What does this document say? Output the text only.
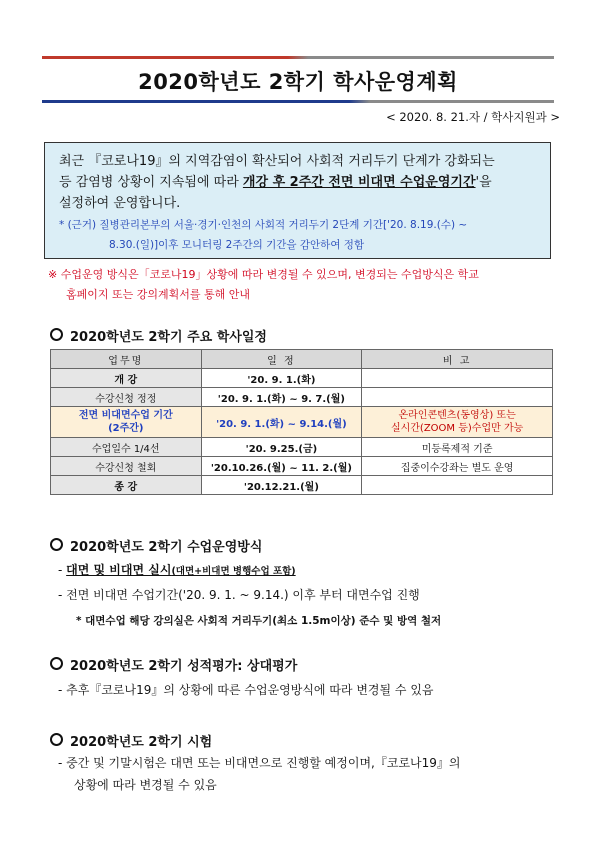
2020학년도 2학기 학사운영계획
< 2020. 8. 21.자 / 학사지원과 >
최근 『코로나19』의 지역감염이 확산되어 사회적 거리두기 단계가 강화되는
등 감염병 상황이 지속됨에 따라 개강 후 2주간 전면 비대면 수업운영기간'을
설정하여 운영합니다.
* (근거) 질병관리본부의 서울·경기·인천의 사회적 거리두기 2단계 기간['20. 8.19.(수) ~
8.30.(일)]이후 모니터링 2주간의 기간을 감안하여 정함
※ 수업운영 방식은「코로나19」상황에 따라 변경될 수 있으며, 변경되는 수업방식은 학교
홈페이지 또는 강의계획서를 통해 안내
2020학년도 2학기 주요 학사일정
업무명	일 정	비 고
개 강	'20. 9. 1.(화)	
수강신청 정정	'20. 9. 1.(화) ~ 9. 7.(월)	
전면 비대면수업 기간
(2주간)	'20. 9. 1.(화) ~ 9.14.(월)	온라인콘텐츠(동영상) 또는
실시간(ZOOM 등)수업만 가능
수업일수 1/4선	'20. 9.25.(금)	미등록제적 기준
수강신청 철회	'20.10.26.(월) ~ 11. 2.(월)	집중이수강좌는 별도 운영
종 강	'20.12.21.(월)	
2020학년도 2학기 수업운영방식
- 대면 및 비대면 실시(대면+비대면 병행수업 포함)
- 전면 비대면 수업기간('20. 9. 1. ~ 9.14.) 이후 부터 대면수업 진행
* 대면수업 해당 강의실은 사회적 거리두기(최소 1.5m이상) 준수 및 방역 철저
2020학년도 2학기 성적평가: 상대평가
- 추후『코로나19』의 상황에 따른 수업운영방식에 따라 변경될 수 있음
2020학년도 2학기 시험
- 중간 및 기말시험은 대면 또는 비대면으로 진행할 예정이며,『코로나19』의
상황에 따라 변경될 수 있음
